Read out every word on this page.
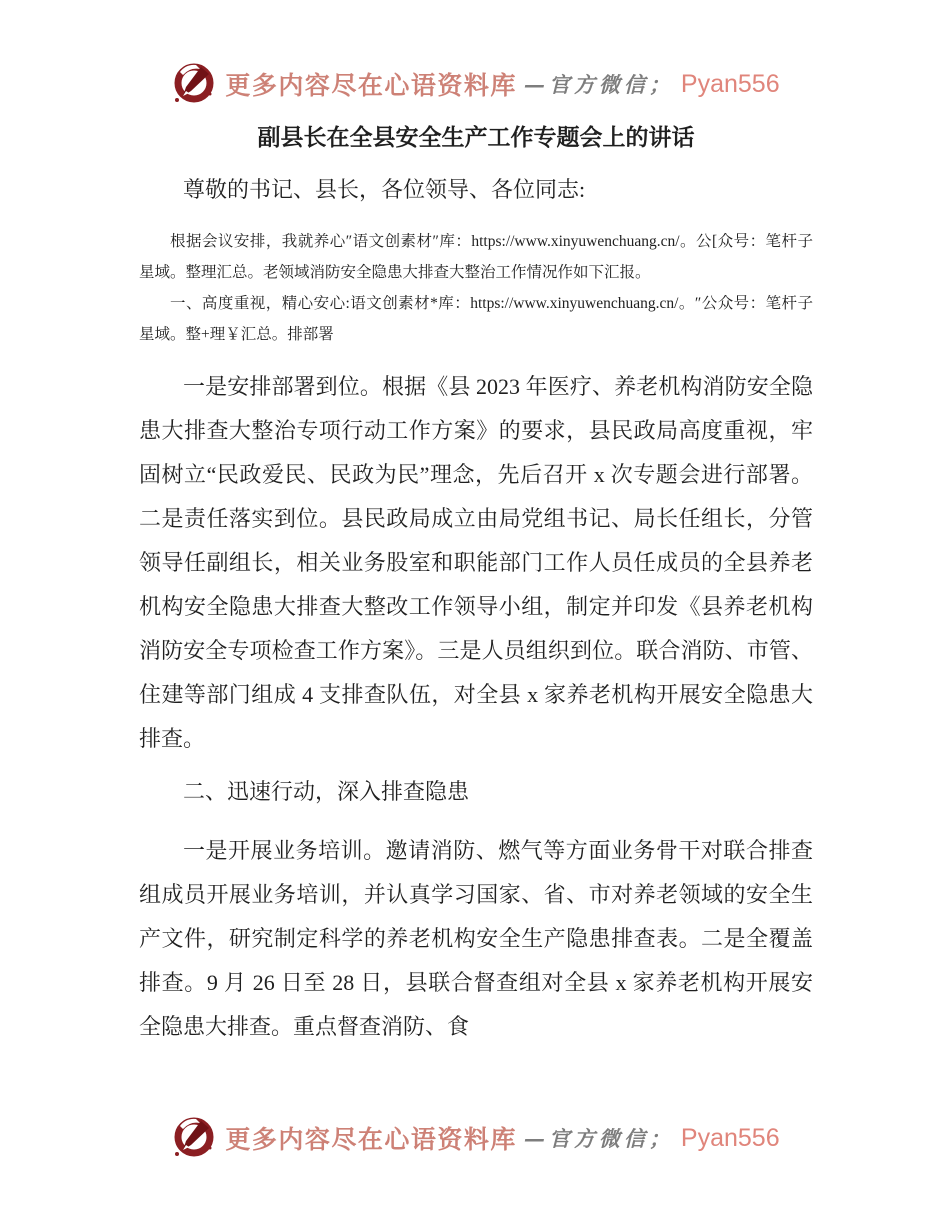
更多内容尽在心语资料库 —官方微信； Pyan556
副县长在全县安全生产工作专题会上的讲话

尊敬的书记、县长，各位领导、各位同志:

根据会议安排，我就养心″语文创素材″库：https://www.xinyuwenchuang.cn/。公[众号：笔杆子星域。整理汇总。老领域消防安全隐患大排查大整治工作情况作如下汇报。

一、高度重视，精心安心:语文创素材*库：https://www.xinyuwenchuang.cn/。″公众号：笔杆子星域。整+理￥汇总。排部署

一是安排部署到位。根据《县 2023 年医疗、养老机构消防安全隐患大排查大整治专项行动工作方案》的要求，县民政局高度重视，牢固树立“民政爱民、民政为民”理念，先后召开 x 次专题会进行部署。二是责任落实到位。县民政局成立由局党组书记、局长任组长，分管领导任副组长，相关业务股室和职能部门工作人员任成员的全县养老机构安全隐患大排查大整改工作领导小组，制定并印发《县养老机构消防安全专项检查工作方案》。三是人员组织到位。联合消防、市管、住建等部门组成 4 支排查队伍，对全县 x 家养老机构开展安全隐患大排查。

二、迅速行动，深入排查隐患

一是开展业务培训。邀请消防、燃气等方面业务骨干对联合排查组成员开展业务培训，并认真学习国家、省、市对养老领域的安全生产文件，研究制定科学的养老机构安全生产隐患排查表。二是全覆盖排查。9 月 26 日至 28 日，县联合督查组对全县 x 家养老机构开展安全隐患大排查。重点督查消防、食

更多内容尽在心语资料库 —官方微信； Pyan556
